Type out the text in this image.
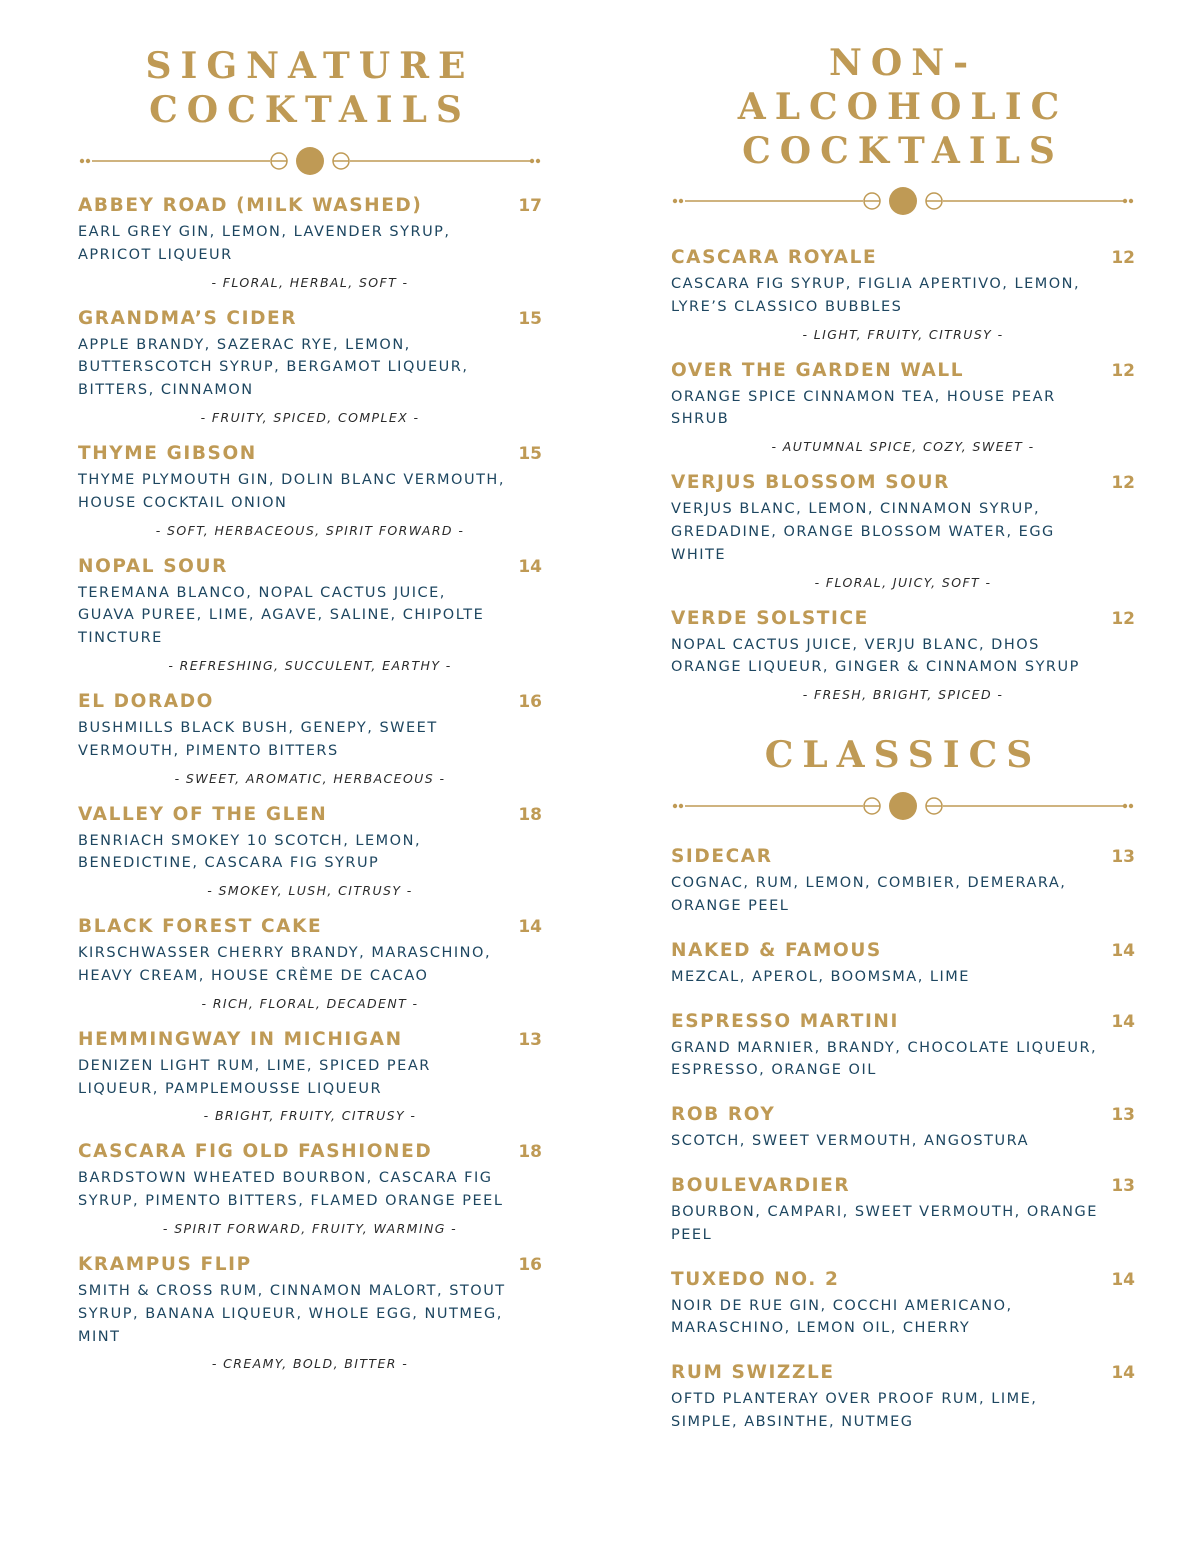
SIGNATURE
COCKTAILS
ABBEY ROAD (MILK WASHED)	17
EARL GREY GIN, LEMON, LAVENDER SYRUP, APRICOT LIQUEUR
- FLORAL, HERBAL, SOFT -
GRANDMA’S CIDER	15
APPLE BRANDY, SAZERAC RYE, LEMON, BUTTERSCOTCH SYRUP, BERGAMOT LIQUEUR, BITTERS, CINNAMON
- FRUITY, SPICED, COMPLEX -
THYME GIBSON	15
THYME PLYMOUTH GIN, DOLIN BLANC VERMOUTH, HOUSE COCKTAIL ONION
- SOFT, HERBACEOUS, SPIRIT FORWARD -
NOPAL SOUR	14
TEREMANA BLANCO, NOPAL CACTUS JUICE, GUAVA PUREE, LIME, AGAVE, SALINE, CHIPOLTE TINCTURE
- REFRESHING, SUCCULENT, EARTHY -
EL DORADO	16
BUSHMILLS BLACK BUSH, GENEPY, SWEET VERMOUTH, PIMENTO BITTERS
- SWEET, AROMATIC, HERBACEOUS -
VALLEY OF THE GLEN	18
BENRIACH SMOKEY 10 SCOTCH, LEMON, BENEDICTINE, CASCARA FIG SYRUP
- SMOKEY, LUSH, CITRUSY -
BLACK FOREST CAKE	14
KIRSCHWASSER CHERRY BRANDY, MARASCHINO, HEAVY CREAM, HOUSE CRÈME DE CACAO
- RICH, FLORAL, DECADENT -
HEMMINGWAY IN MICHIGAN	13
DENIZEN LIGHT RUM, LIME, SPICED PEAR LIQUEUR, PAMPLEMOUSSE LIQUEUR
- BRIGHT, FRUITY, CITRUSY -
CASCARA FIG OLD FASHIONED	18
BARDSTOWN WHEATED BOURBON, CASCARA FIG SYRUP, PIMENTO BITTERS, FLAMED ORANGE PEEL
- SPIRIT FORWARD, FRUITY, WARMING -
KRAMPUS FLIP	16
SMITH & CROSS RUM, CINNAMON MALORT, STOUT SYRUP, BANANA LIQUEUR, WHOLE EGG, NUTMEG, MINT
- CREAMY, BOLD, BITTER -
NON-
ALCOHOLIC
COCKTAILS
CASCARA ROYALE	12
CASCARA FIG SYRUP, FIGLIA APERTIVO, LEMON, LYRE’S CLASSICO BUBBLES
- LIGHT, FRUITY, CITRUSY -
OVER THE GARDEN WALL	12
ORANGE SPICE CINNAMON TEA, HOUSE PEAR SHRUB
- AUTUMNAL SPICE, COZY, SWEET -
VERJUS BLOSSOM SOUR	12
VERJUS BLANC, LEMON, CINNAMON SYRUP, GREDADINE, ORANGE BLOSSOM WATER, EGG WHITE
- FLORAL, JUICY, SOFT -
VERDE SOLSTICE	12
NOPAL CACTUS JUICE, VERJU BLANC, DHOS ORANGE LIQUEUR, GINGER & CINNAMON SYRUP
- FRESH, BRIGHT, SPICED -
CLASSICS
SIDECAR	13
COGNAC, RUM, LEMON, COMBIER, DEMERARA, ORANGE PEEL
NAKED & FAMOUS	14
MEZCAL, APEROL, BOOMSMA, LIME
ESPRESSO MARTINI	14
GRAND MARNIER, BRANDY, CHOCOLATE LIQUEUR, ESPRESSO, ORANGE OIL
ROB ROY	13
SCOTCH, SWEET VERMOUTH, ANGOSTURA
BOULEVARDIER	13
BOURBON, CAMPARI, SWEET VERMOUTH, ORANGE PEEL
TUXEDO NO. 2	14
NOIR DE RUE GIN, COCCHI AMERICANO, MARASCHINO, LEMON OIL, CHERRY
RUM SWIZZLE	14
OFTD PLANTERAY OVER PROOF RUM, LIME, SIMPLE, ABSINTHE, NUTMEG
